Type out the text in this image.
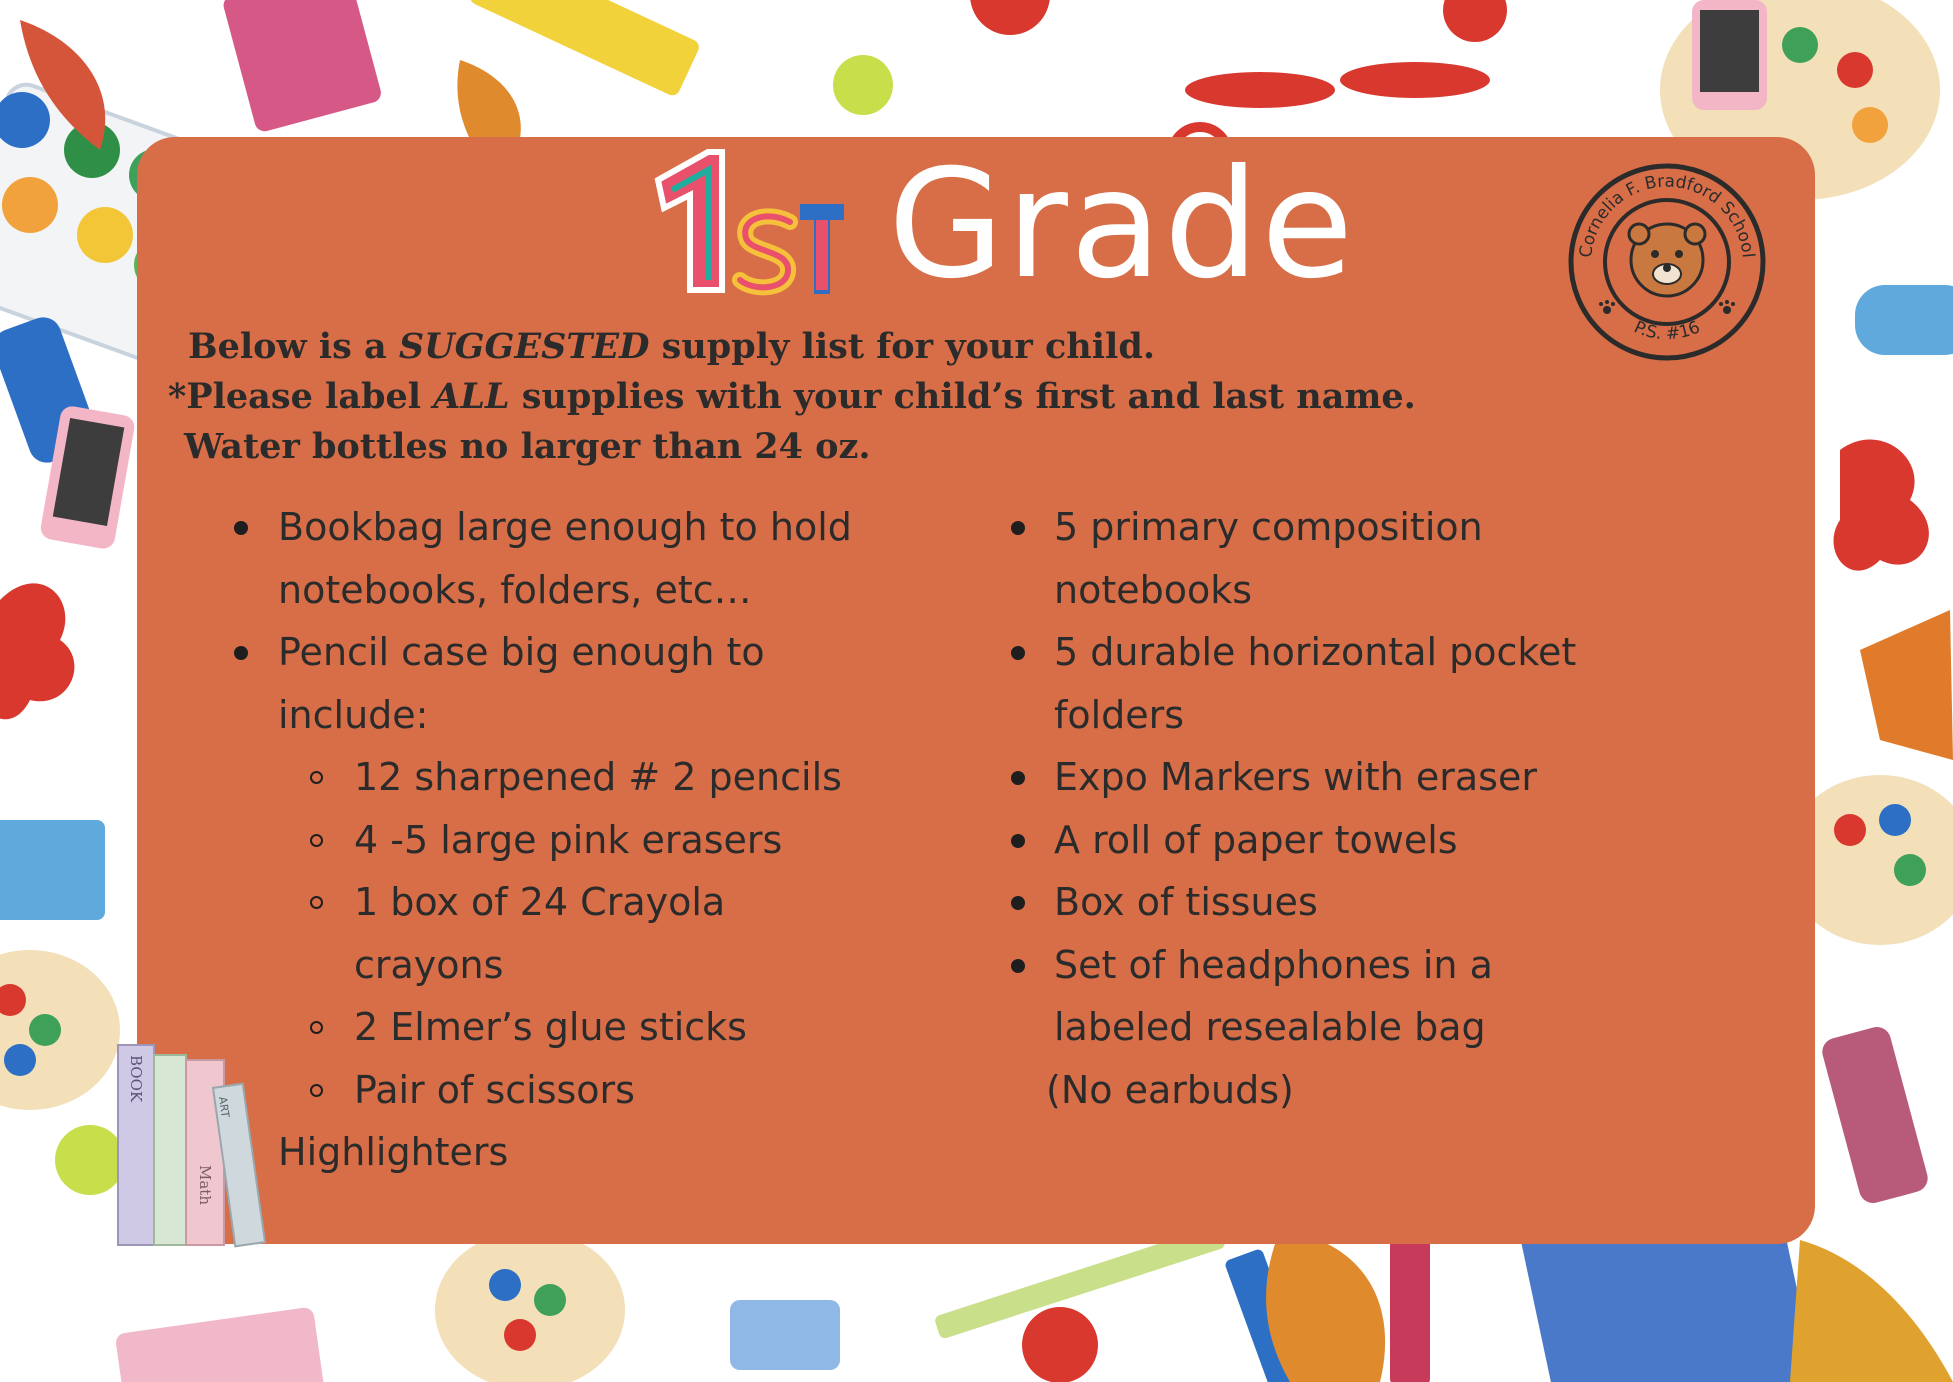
Grade	Cornelia F. Bradford School
P.S. #16
Below is a SUGGESTED supply list for your child.
*Please label ALL supplies with your child’s first and last name.
Water bottles no larger than 24 oz.
Bookbag large enough to hold
notebooks, folders, etc…
Pencil case big enough to
include:
12 sharpened # 2 pencils
4 -5 large pink erasers
1 box of 24 Crayola
crayons
2 Elmer’s glue sticks
Pair of scissors
Highlighters
5 primary composition
notebooks
5 durable horizontal pocket
folders
Expo Markers with eraser
A roll of paper towels
Box of tissues
Set of headphones in a
labeled resealable bag
(No earbuds)
BOOK
Math
ART
